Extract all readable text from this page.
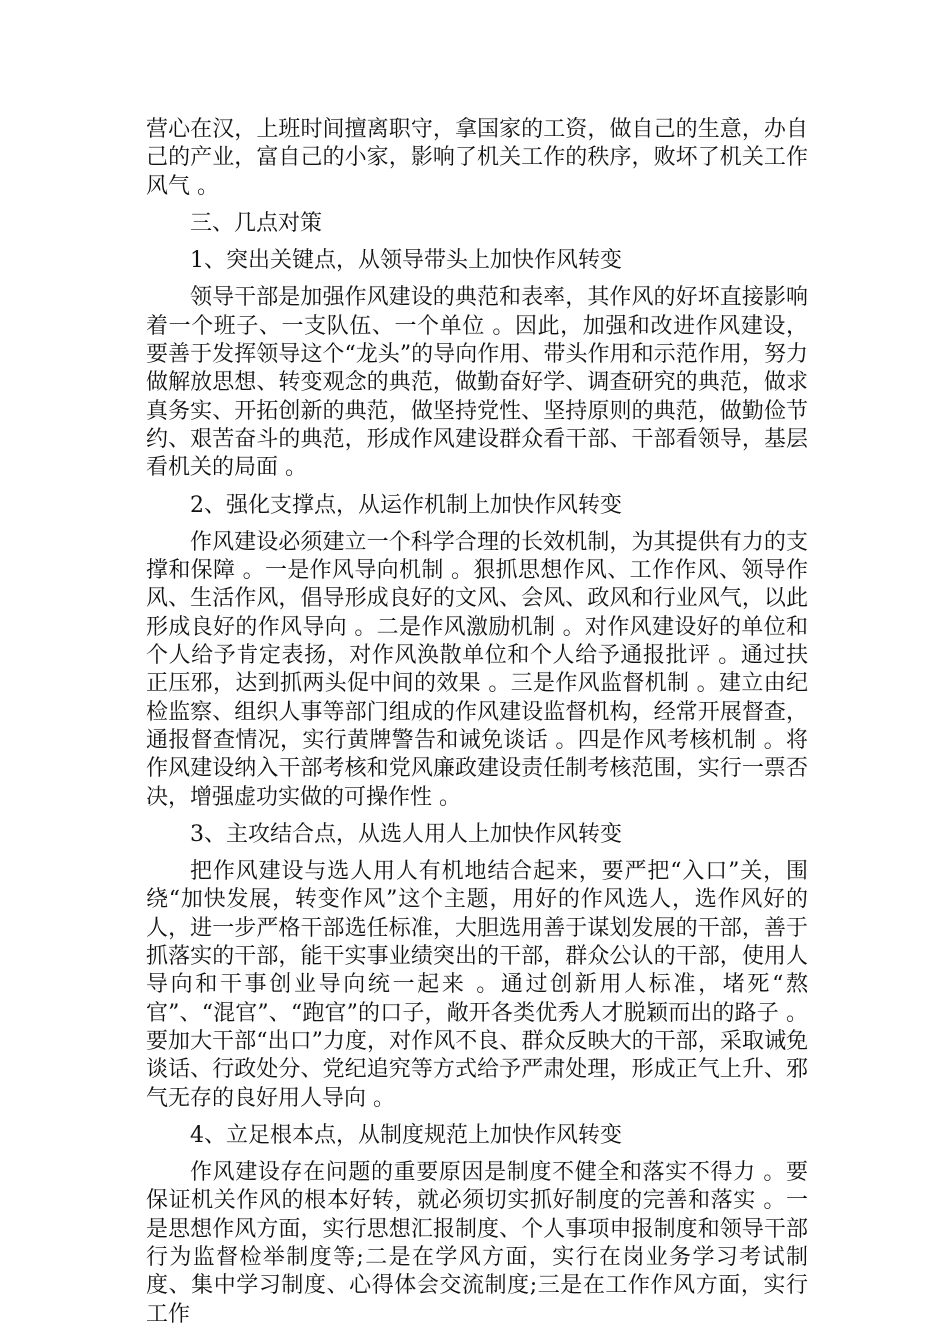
营心在汉，上班时间擅离职守，拿国家的工资，做自己的生意，办自己的产业，富自己的小家，影响了机关工作的秩序，败坏了机关工作风气 。

三、几点对策

1、突出关键点，从领导带头上加快作风转变

领导干部是加强作风建设的典范和表率，其作风的好坏直接影响着一个班子、一支队伍、一个单位 。因此，加强和改进作风建设，要善于发挥领导这个“龙头”的导向作用、带头作用和示范作用，努力做解放思想、转变观念的典范，做勤奋好学、调查研究的典范，做求真务实、开拓创新的典范，做坚持党性、坚持原则的典范，做勤俭节约、艰苦奋斗的典范，形成作风建设群众看干部、干部看领导，基层看机关的局面 。

2、强化支撑点，从运作机制上加快作风转变

作风建设必须建立一个科学合理的长效机制，为其提供有力的支撑和保障 。一是作风导向机制 。狠抓思想作风、工作作风、领导作风、生活作风，倡导形成良好的文风、会风、政风和行业风气，以此形成良好的作风导向 。二是作风激励机制 。对作风建设好的单位和个人给予肯定表扬，对作风涣散单位和个人给予通报批评 。通过扶正压邪，达到抓两头促中间的效果 。三是作风监督机制 。建立由纪检监察、组织人事等部门组成的作风建设监督机构，经常开展督查，通报督查情况，实行黄牌警告和诫免谈话 。四是作风考核机制 。将作风建设纳入干部考核和党风廉政建设责任制考核范围，实行一票否决，增强虚功实做的可操作性 。

3、主攻结合点，从选人用人上加快作风转变

把作风建设与选人用人有机地结合起来，要严把“入口”关，围绕“加快发展，转变作风”这个主题，用好的作风选人，选作风好的人，进一步严格干部选任标准，大胆选用善于谋划发展的干部，善于抓落实的干部，能干实事业绩突出的干部，群众公认的干部，使用人导向和干事创业导向统一起来 。通过创新用人标准，堵死“熬官”、“混官”、“跑官”的口子，敞开各类优秀人才脱颖而出的路子 。要加大干部“出口”力度，对作风不良、群众反映大的干部，采取诫免谈话、行政处分、党纪追究等方式给予严肃处理，形成正气上升、邪气无存的良好用人导向 。

4、立足根本点，从制度规范上加快作风转变

作风建设存在问题的重要原因是制度不健全和落实不得力 。要保证机关作风的根本好转，就必须切实抓好制度的完善和落实 。一是思想作风方面，实行思想汇报制度、个人事项申报制度和领导干部行为监督检举制度等;二是在学风方面，实行在岗业务学习考试制度、集中学习制度、心得体会交流制度;三是在工作作风方面，实行工作
